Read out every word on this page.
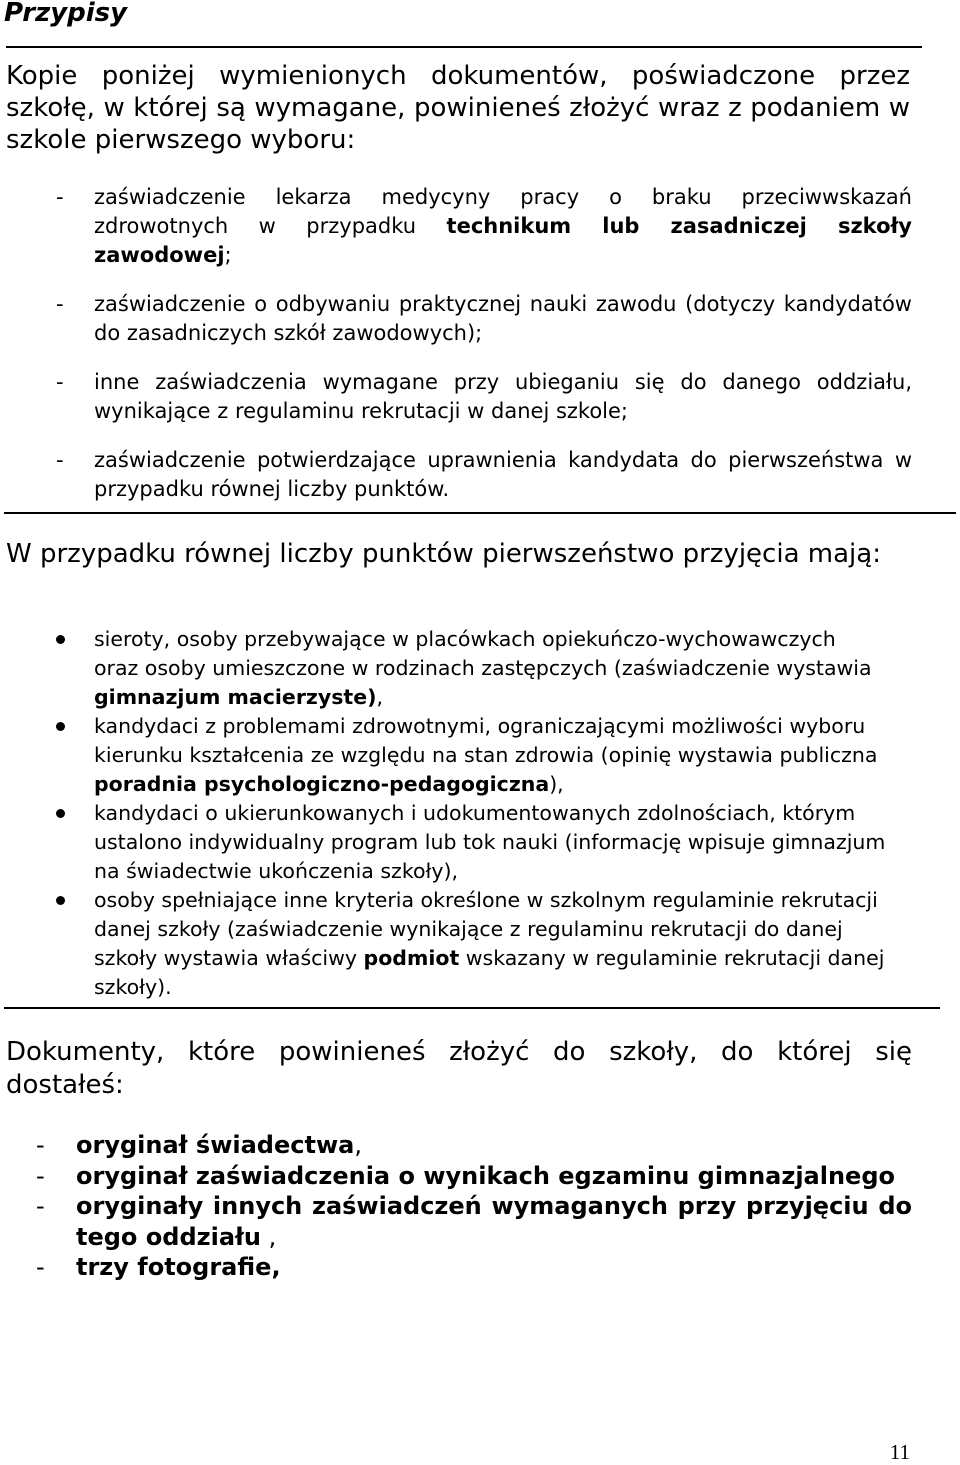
Przypisy

Kopie poniżej wymienionych dokumentów, poświadczone przez szkołę, w której są wymagane, powinieneś złożyć wraz z podaniem w szkole pierwszego wyboru:

- zaświadczenie lekarza medycyny pracy o braku przeciwwskazań zdrowotnych w przypadku technikum lub zasadniczej szkoły zawodowej;
- zaświadczenie o odbywaniu praktycznej nauki zawodu (dotyczy kandydatów do zasadniczych szkół zawodowych);
- inne zaświadczenia wymagane przy ubieganiu się do danego oddziału, wynikające z regulaminu rekrutacji w danej szkole;
- zaświadczenie potwierdzające uprawnienia kandydata do pierwszeństwa w przypadku równej liczby punktów.

W przypadku równej liczby punktów pierwszeństwo przyjęcia mają:

sieroty, osoby przebywające w placówkach opiekuńczo-wychowawczych oraz osoby umieszczone w rodzinach zastępczych (zaświadczenie wystawia gimnazjum macierzyste),
kandydaci z problemami zdrowotnymi, ograniczającymi możliwości wyboru kierunku kształcenia ze względu na stan zdrowia (opinię wystawia publiczna poradnia psychologiczno-pedagogiczna),
kandydaci o ukierunkowanych i udokumentowanych zdolnościach, którym ustalono indywidualny program lub tok nauki (informację wpisuje gimnazjum na świadectwie ukończenia szkoły),
osoby spełniające inne kryteria określone w szkolnym regulaminie rekrutacji danej szkoły (zaświadczenie wynikające z regulaminu rekrutacji do danej szkoły wystawia właściwy podmiot wskazany w regulaminie rekrutacji danej szkoły).

Dokumenty, które powinieneś złożyć do szkoły, do której się dostałeś:

- oryginał świadectwa,
- oryginał zaświadczenia o wynikach egzaminu gimnazjalnego
- oryginały innych zaświadczeń wymaganych przy przyjęciu do tego oddziału ,
- trzy fotografie,
11
